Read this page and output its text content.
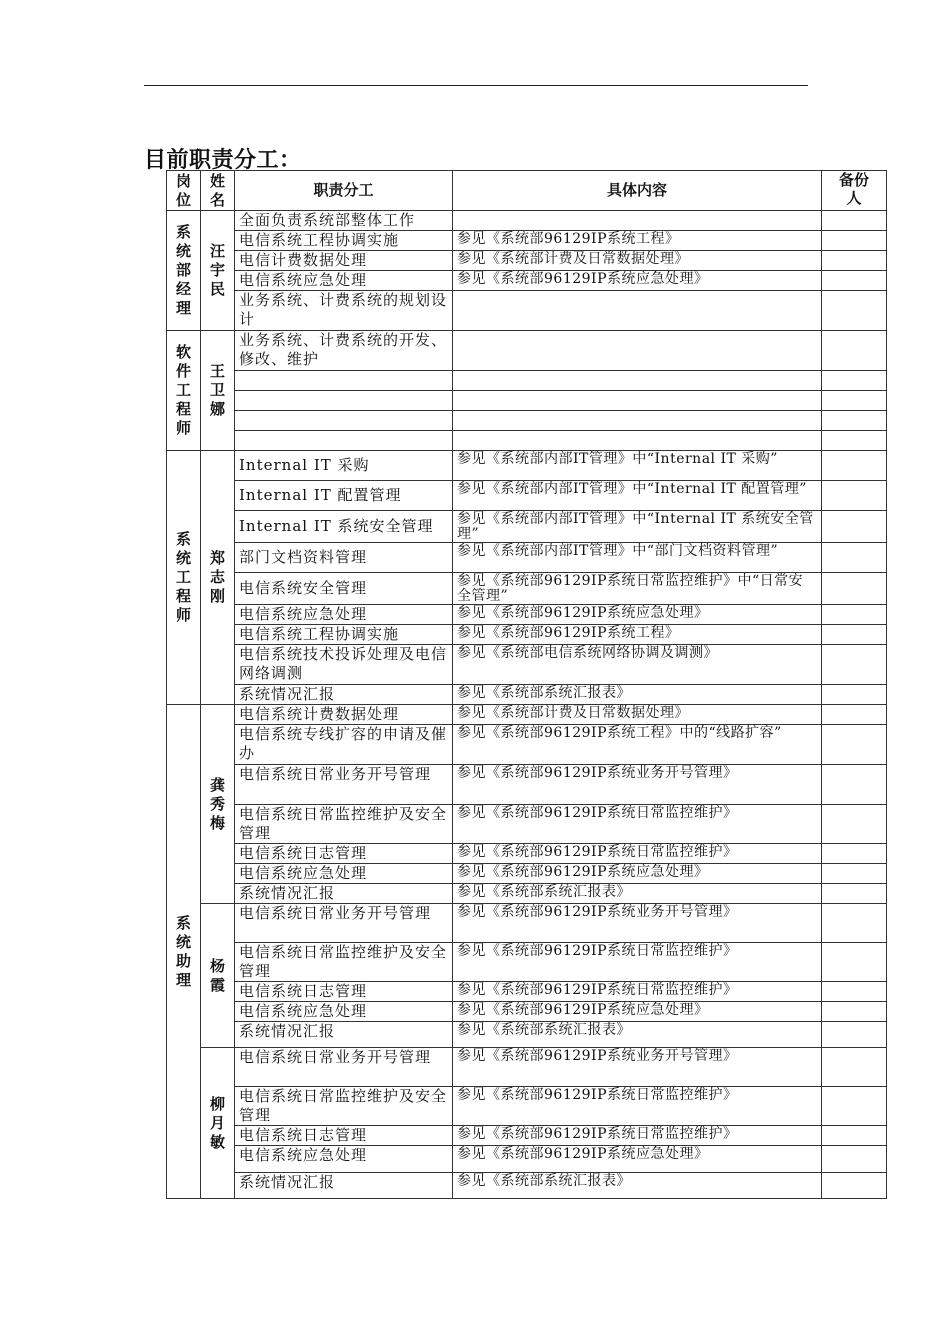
目前职责分工：
岗位	姓名	职责分工	具体内容	备份人
系统部经理	汪宇民	全面负责系统部整体工作		
		电信系统工程协调实施	参见《系统部96129IP系统工程》	
		电信计费数据处理	参见《系统部计费及日常数据处理》	
		电信系统应急处理	参见《系统部96129IP系统应急处理》	
		业务系统、计费系统的规划设计		
软件工程师	王卫娜	业务系统、计费系统的开发、修改、维护		

系统工程师	郑志刚	Internal IT 采购	参见《系统部内部IT管理》中“Internal IT 采购”	
		Internal IT 配置管理	参见《系统部内部IT管理》中“Internal IT 配置管理”	
		Internal IT 系统安全管理	参见《系统部内部IT管理》中“Internal IT 系统安全管理”	
		部门文档资料管理	参见《系统部内部IT管理》中“部门文档资料管理”	
		电信系统安全管理	参见《系统部96129IP系统日常监控维护》中“日常安全管理”	
		电信系统应急处理	参见《系统部96129IP系统应急处理》	
		电信系统工程协调实施	参见《系统部96129IP系统工程》	
		电信系统技术投诉处理及电信网络调测	参见《系统部电信系统网络协调及调测》	
		系统情况汇报	参见《系统部系统汇报表》	
系统助理	龚秀梅	电信系统计费数据处理	参见《系统部计费及日常数据处理》	
		电信系统专线扩容的申请及催办	参见《系统部96129IP系统工程》中的“线路扩容”	
		电信系统日常业务开号管理	参见《系统部96129IP系统业务开号管理》	
		电信系统日常监控维护及安全管理	参见《系统部96129IP系统日常监控维护》	
		电信系统日志管理	参见《系统部96129IP系统日常监控维护》	
		电信系统应急处理	参见《系统部96129IP系统应急处理》	
		系统情况汇报	参见《系统部系统汇报表》	
	杨霞	电信系统日常业务开号管理	参见《系统部96129IP系统业务开号管理》	
		电信系统日常监控维护及安全管理	参见《系统部96129IP系统日常监控维护》	
		电信系统日志管理	参见《系统部96129IP系统日常监控维护》	
		电信系统应急处理	参见《系统部96129IP系统应急处理》	
		系统情况汇报	参见《系统部系统汇报表》	
	柳月敏	电信系统日常业务开号管理	参见《系统部96129IP系统业务开号管理》	
		电信系统日常监控维护及安全管理	参见《系统部96129IP系统日常监控维护》	
		电信系统日志管理	参见《系统部96129IP系统日常监控维护》	
		电信系统应急处理	参见《系统部96129IP系统应急处理》	
		系统情况汇报	参见《系统部系统汇报表》	
